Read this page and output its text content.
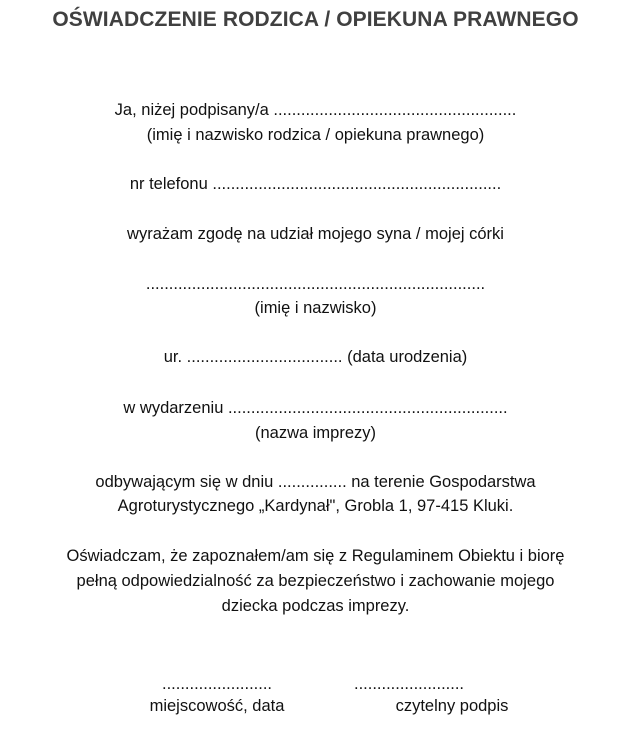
OŚWIADCZENIE RODZICA / OPIEKUNA PRAWNEGO
Ja, niżej podpisany/a .....................................................
(imię i nazwisko rodzica / opiekuna prawnego)
nr telefonu ...............................................................
wyrażam zgodę na udział mojego syna / mojej córki
..........................................................................
(imię i nazwisko)
ur. .................................. (data urodzenia)
w wydarzeniu .............................................................
(nazwa imprezy)
odbywającym się w dniu ............... na terenie Gospodarstwa
Agroturystycznego „Kardynał", Grobla 1, 97-415 Kluki.
Oświadczam, że zapoznałem/am się z Regulaminem Obiektu i biorę
pełną odpowiedzialność za bezpieczeństwo i zachowanie mojego
dziecka podczas imprezy.
........................
miejscowość, data
........................
czytelny podpis
